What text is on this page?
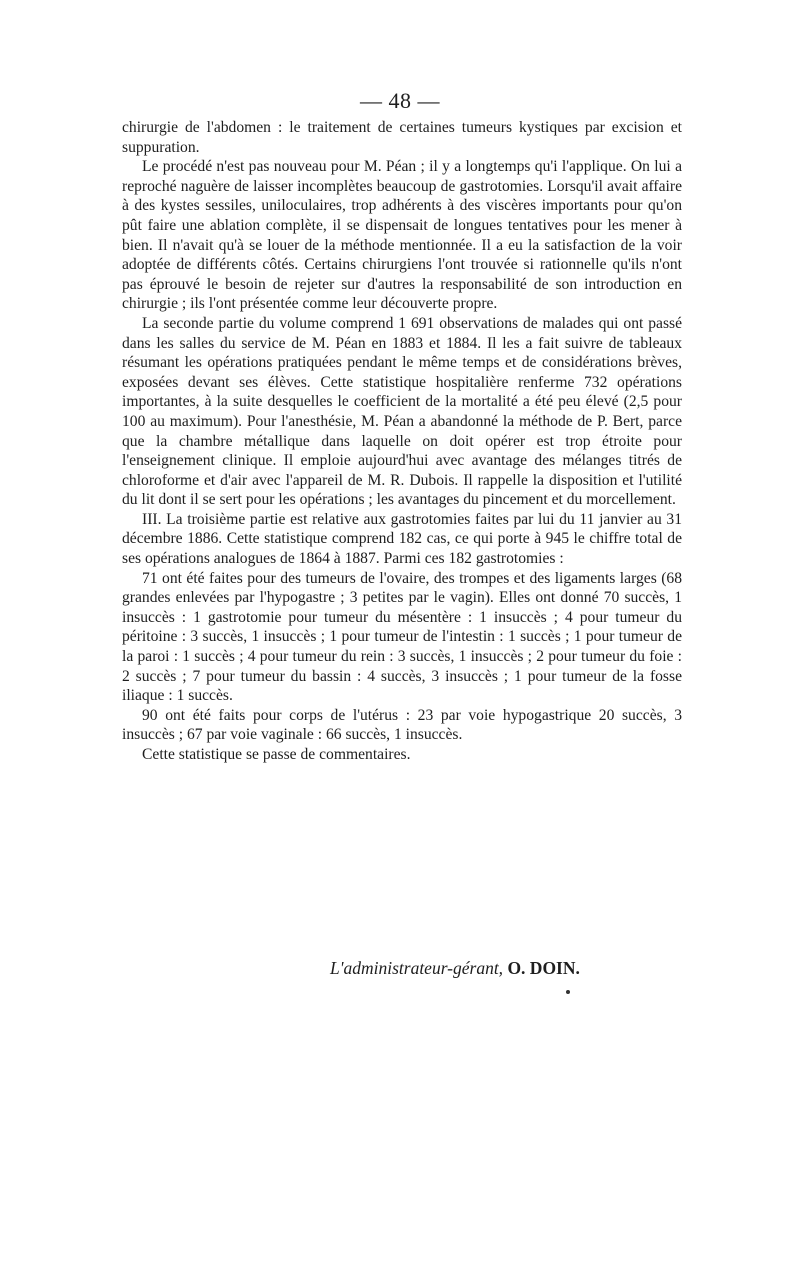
— 48 —

chirurgie de l'abdomen : le traitement de certaines tumeurs kystiques par excision et suppuration.

Le procédé n'est pas nouveau pour M. Péan ; il y a longtemps qu'i l'applique. On lui a reproché naguère de laisser incomplètes beaucoup de gastrotomies. Lorsqu'il avait affaire à des kystes sessiles, uniloculaires, trop adhérents à des viscères importants pour qu'on pût faire une ablation complète, il se dispensait de longues tentatives pour les mener à bien. Il n'avait qu'à se louer de la méthode mentionnée. Il a eu la satisfaction de la voir adoptée de différents côtés. Certains chirurgiens l'ont trouvée si rationnelle qu'ils n'ont pas éprouvé le besoin de rejeter sur d'autres la responsabilité de son introduction en chirurgie ; ils l'ont présentée comme leur découverte propre.

La seconde partie du volume comprend 1 691 observations de malades qui ont passé dans les salles du service de M. Péan en 1883 et 1884. Il les a fait suivre de tableaux résumant les opérations pratiquées pendant le même temps et de considérations brèves, exposées devant ses élèves. Cette statistique hospitalière renferme 732 opérations importantes, à la suite desquelles le coefficient de la mortalité a été peu élevé (2,5 pour 100 au maximum). Pour l'anesthésie, M. Péan a abandonné la méthode de P. Bert, parce que la chambre métallique dans laquelle on doit opérer est trop étroite pour l'enseignement clinique. Il emploie aujourd'hui avec avantage des mélanges titrés de chloroforme et d'air avec l'appareil de M. R. Dubois. Il rappelle la disposition et l'utilité du lit dont il se sert pour les opérations ; les avantages du pincement et du morcellement.

III. La troisième partie est relative aux gastrotomies faites par lui du 11 janvier au 31 décembre 1886. Cette statistique comprend 182 cas, ce qui porte à 945 le chiffre total de ses opérations analogues de 1864 à 1887. Parmi ces 182 gastrotomies :

71 ont été faites pour des tumeurs de l'ovaire, des trompes et des ligaments larges (68 grandes enlevées par l'hypogastre ; 3 petites par le vagin). Elles ont donné 70 succès, 1 insuccès : 1 gastrotomie pour tumeur du mésentère : 1 insuccès ; 4 pour tumeur du péritoine : 3 succès, 1 insuccès ; 1 pour tumeur de l'intestin : 1 succès ; 1 pour tumeur de la paroi : 1 succès ; 4 pour tumeur du rein : 3 succès, 1 insuccès ; 2 pour tumeur du foie : 2 succès ; 7 pour tumeur du bassin : 4 succès, 3 insuccès ; 1 pour tumeur de la fosse iliaque : 1 succès.

90 ont été faits pour corps de l'utérus : 23 par voie hypogastrique 20 succès, 3 insuccès ; 67 par voie vaginale : 66 succès, 1 insuccès.

Cette statistique se passe de commentaires.

L'administrateur-gérant, O. DOIN.
